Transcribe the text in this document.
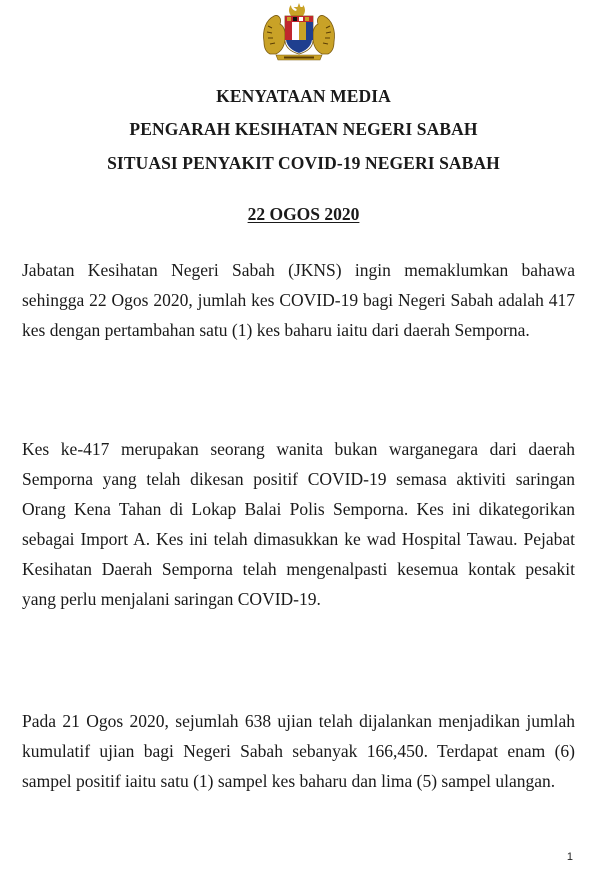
KENYATAAN MEDIA
PENGARAH KESIHATAN NEGERI SABAH
SITUASI PENYAKIT COVID-19 NEGERI SABAH
22 OGOS 2020

Jabatan Kesihatan Negeri Sabah (JKNS) ingin memaklumkan bahawa sehingga 22 Ogos 2020, jumlah kes COVID-19 bagi Negeri Sabah adalah 417 kes dengan pertambahan satu (1) kes baharu iaitu dari daerah Semporna.

Kes ke-417 merupakan seorang wanita bukan warganegara dari daerah Semporna yang telah dikesan positif COVID-19 semasa aktiviti saringan Orang Kena Tahan di Lokap Balai Polis Semporna. Kes ini dikategorikan sebagai Import A. Kes ini telah dimasukkan ke wad Hospital Tawau. Pejabat Kesihatan Daerah Semporna telah mengenalpasti kesemua kontak pesakit yang perlu menjalani saringan COVID-19.

Pada 21 Ogos 2020, sejumlah 638 ujian telah dijalankan menjadikan jumlah kumulatif ujian bagi Negeri Sabah sebanyak 166,450. Terdapat enam (6) sampel positif iaitu satu (1) sampel kes baharu dan lima (5) sampel ulangan.

1
